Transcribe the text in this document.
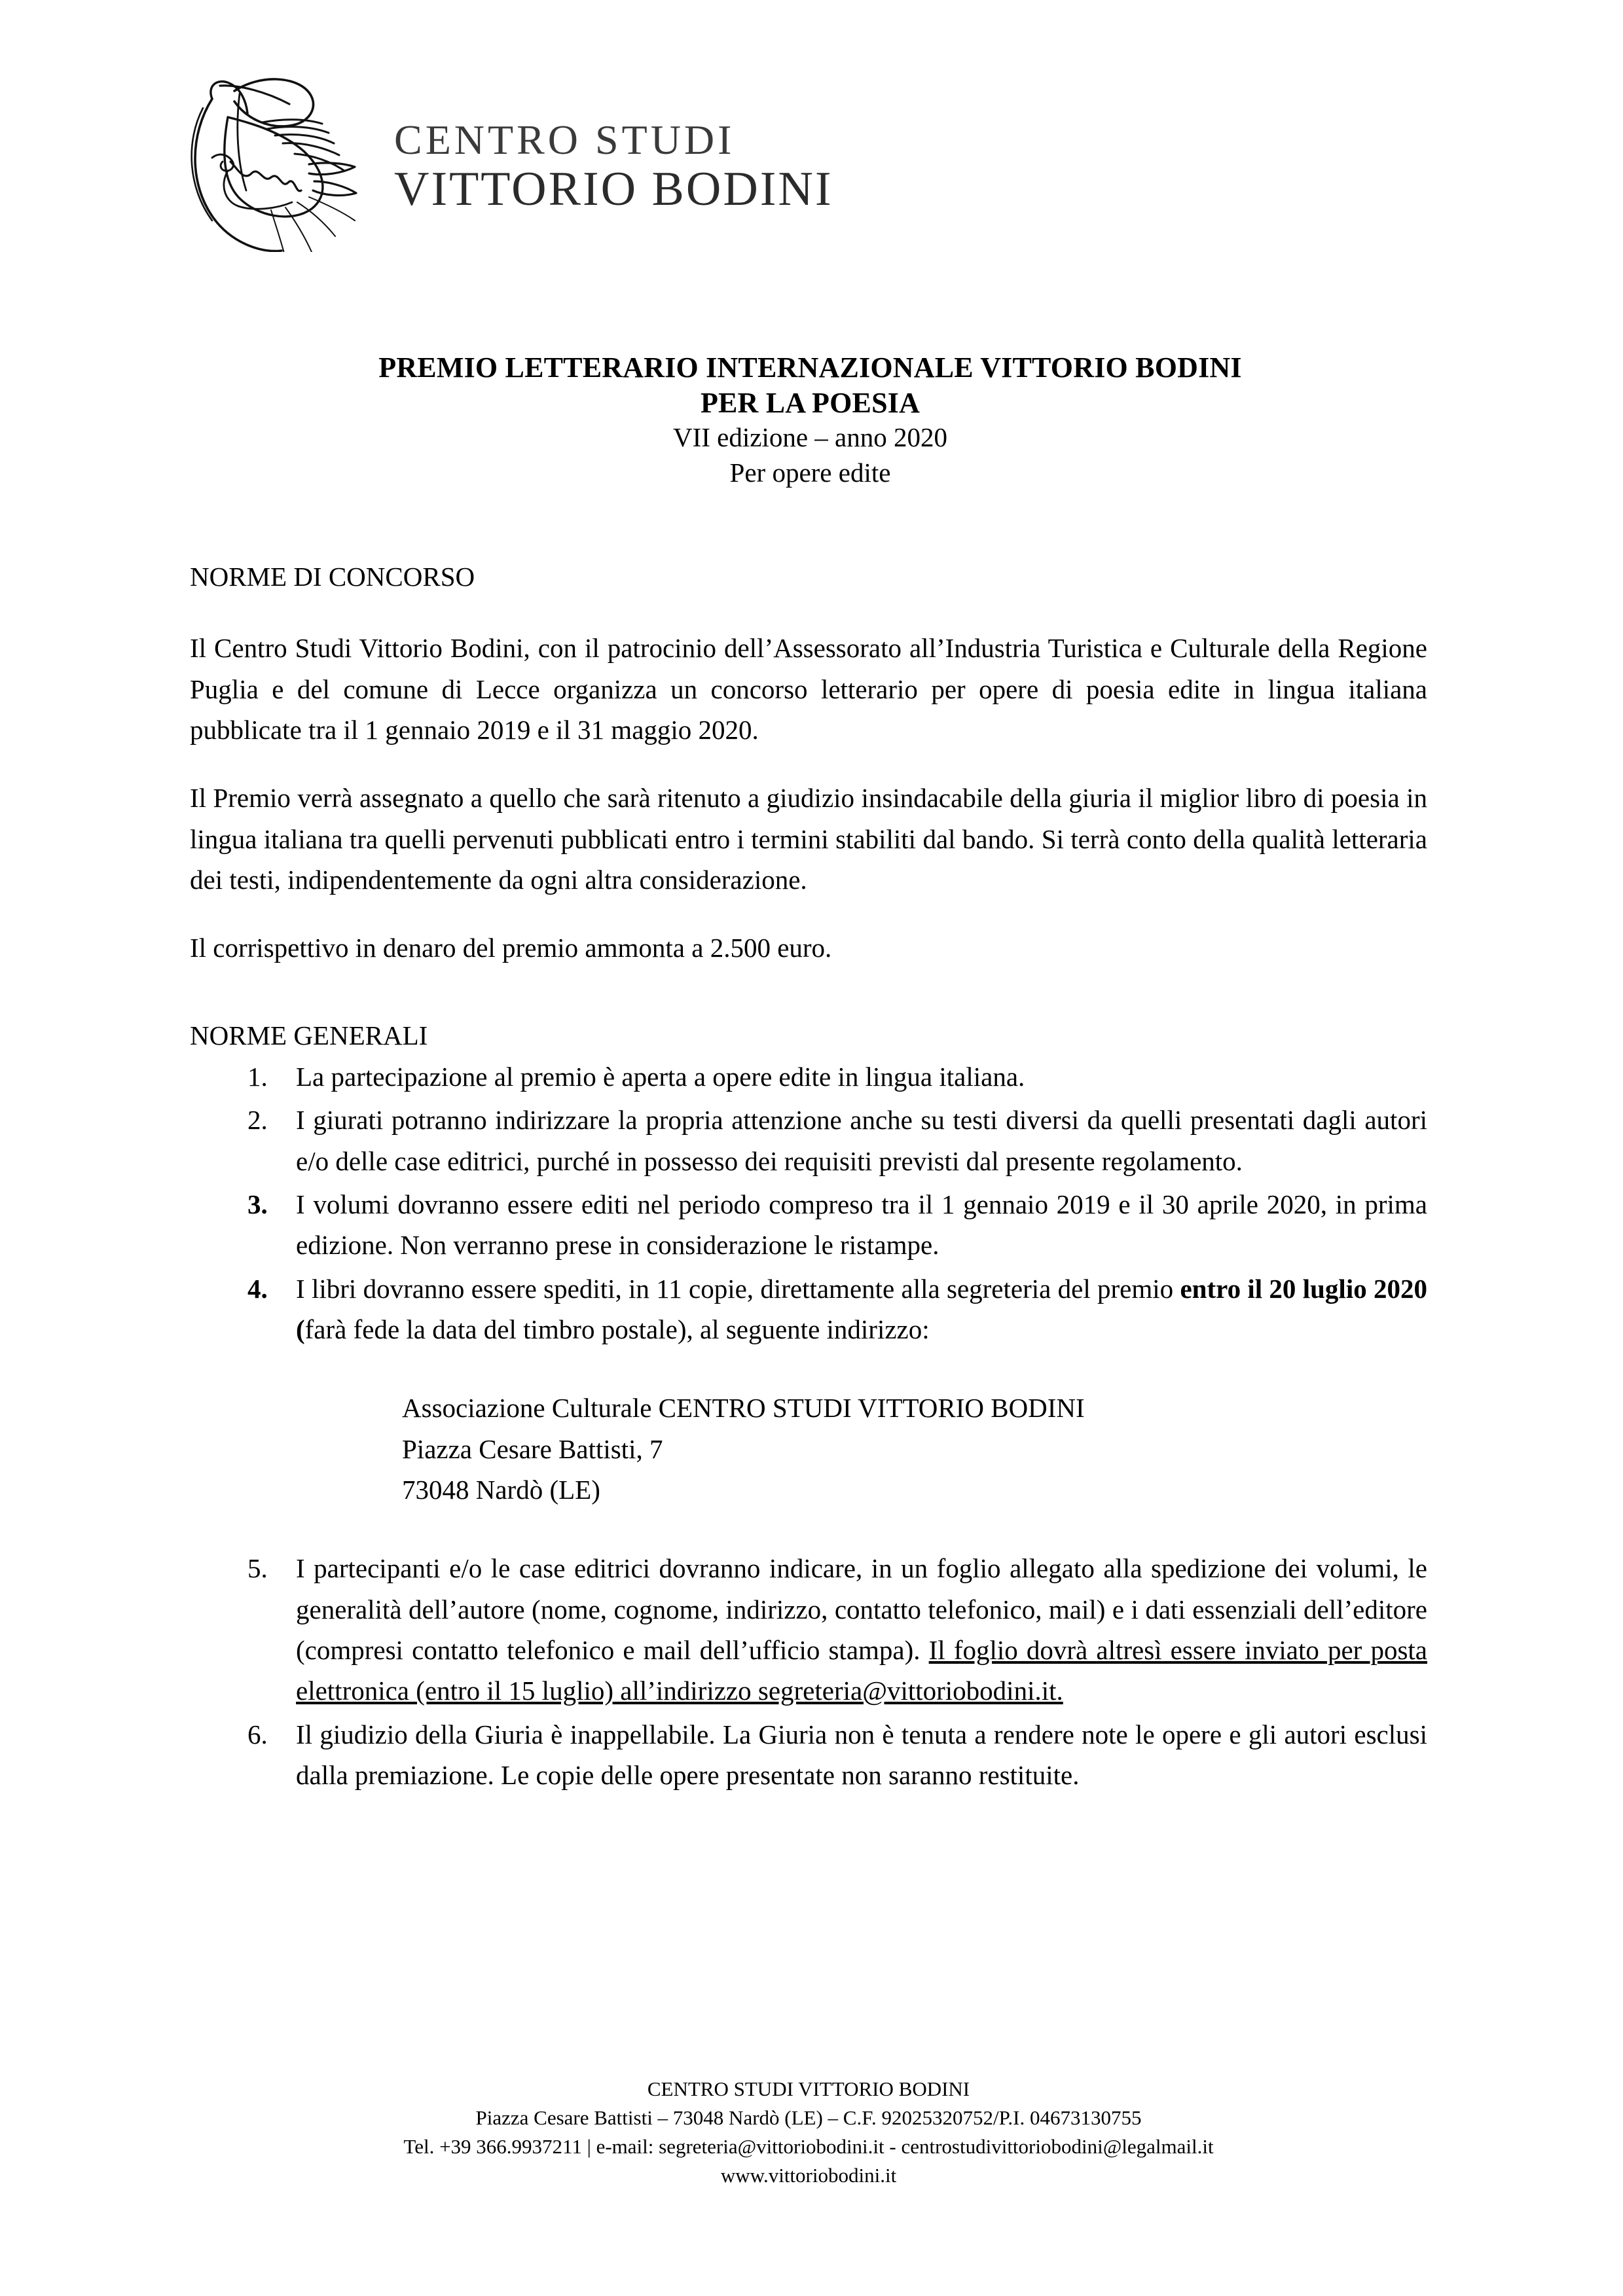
CENTRO STUDI
VITTORIO BODINI
PREMIO LETTERARIO INTERNAZIONALE VITTORIO BODINI
PER LA POESIA
VII edizione – anno 2020
Per opere edite
NORME DI CONCORSO

Il Centro Studi Vittorio Bodini, con il patrocinio dell’Assessorato all’Industria Turistica e Culturale della Regione Puglia e del comune di Lecce organizza un concorso letterario per opere di poesia edite in lingua italiana pubblicate tra il 1 gennaio 2019 e il 31 maggio 2020.

Il Premio verrà assegnato a quello che sarà ritenuto a giudizio insindacabile della giuria il miglior libro di poesia in lingua italiana tra quelli pervenuti pubblicati entro i termini stabiliti dal bando. Si terrà conto della qualità letteraria dei testi, indipendentemente da ogni altra considerazione.

Il corrispettivo in denaro del premio ammonta a 2.500 euro.

NORME GENERALI
1.	La partecipazione al premio è aperta a opere edite in lingua italiana.
2.	I giurati potranno indirizzare la propria attenzione anche su testi diversi da quelli presentati dagli autori e/o delle case editrici, purché in possesso dei requisiti previsti dal presente regolamento.
3.	I volumi dovranno essere editi nel periodo compreso tra il 1 gennaio 2019 e il 30 aprile 2020, in prima edizione. Non verranno prese in considerazione le ristampe.
4.	I libri dovranno essere spediti, in 11 copie, direttamente alla segreteria del premio entro il 20 luglio 2020 (farà fede la data del timbro postale), al seguente indirizzo:
Associazione Culturale CENTRO STUDI VITTORIO BODINI
Piazza Cesare Battisti, 7
73048 Nardò (LE)
5.	I partecipanti e/o le case editrici dovranno indicare, in un foglio allegato alla spedizione dei volumi, le generalità dell’autore (nome, cognome, indirizzo, contatto telefonico, mail) e i dati essenziali dell’editore (compresi contatto telefonico e mail dell’ufficio stampa). Il foglio dovrà altresì essere inviato per posta elettronica (entro il 15 luglio) all’indirizzo segreteria@vittoriobodini.it.
6.	Il giudizio della Giuria è inappellabile. La Giuria non è tenuta a rendere note le opere e gli autori esclusi dalla premiazione. Le copie delle opere presentate non saranno restituite.
CENTRO STUDI VITTORIO BODINI
Piazza Cesare Battisti – 73048 Nardò (LE) – C.F. 92025320752/P.I. 04673130755
Tel. +39 366.9937211 | e-mail: segreteria@vittoriobodini.it - centrostudivittoriobodini@legalmail.it
www.vittoriobodini.it
